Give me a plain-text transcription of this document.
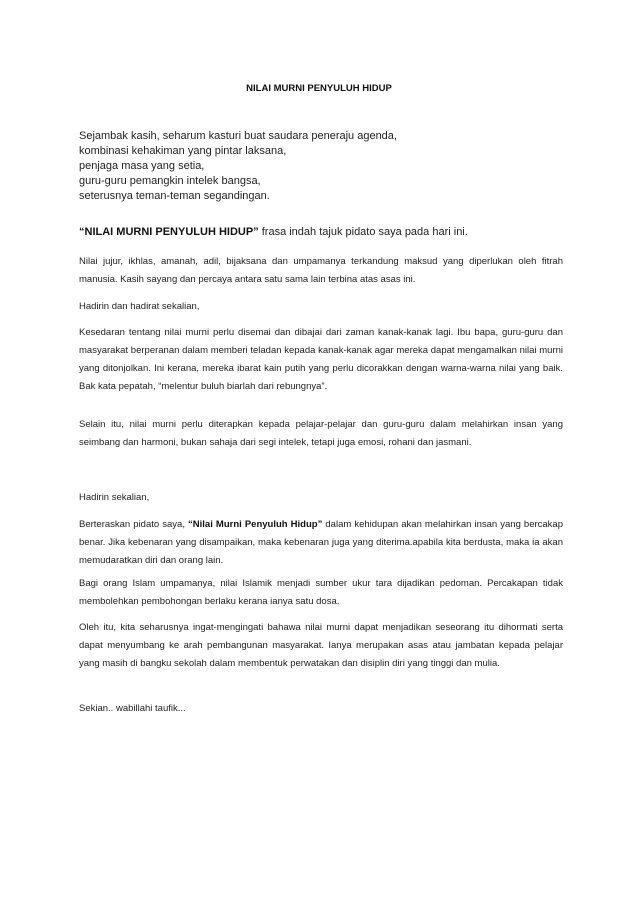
NILAI MURNI PENYULUH HIDUP
Sejambak kasih, seharum kasturi buat saudara peneraju agenda,
kombinasi kehakiman yang pintar laksana,
penjaga masa yang setia,
guru-guru pemangkin intelek bangsa,
seterusnya teman-teman segandingan.
“NILAI MURNI PENYULUH HIDUP” frasa indah tajuk pidato saya pada hari ini.
Nilai jujur, ikhlas, amanah, adil, bijaksana dan umpamanya terkandung maksud yang diperlukan oleh fitrah manusia. Kasih sayang dan percaya antara satu sama lain terbina atas asas ini.
Hadirin dan hadirat sekalian,
Kesedaran tentang nilai murni perlu disemai dan dibajai dari zaman kanak-kanak lagi. Ibu bapa, guru-guru dan masyarakat berperanan dalam memberi teladan kepada kanak-kanak agar mereka dapat mengamalkan nilai murni yang ditonjolkan. Ini kerana, mereka ibarat kain putih yang perlu dicorakkan dengan warna-warna nilai yang baik. Bak kata pepatah, “melentur buluh biarlah dari rebungnya”.
Selain itu, nilai murni perlu diterapkan kepada pelajar-pelajar dan guru-guru dalam melahirkan insan yang seimbang dan harmoni, bukan sahaja dari segi intelek, tetapi juga emosi, rohani dan jasmani.
Hadirin sekalian,
Berteraskan pidato saya, “Nilai Murni Penyuluh Hidup” dalam kehidupan akan melahirkan insan yang bercakap benar. Jika kebenaran yang disampaikan, maka kebenaran juga yang diterima.apabila kita berdusta, maka ia akan memudaratkan diri dan orang lain.
Bagi orang Islam umpamanya, nilai Islamik menjadi sumber ukur tara dijadikan pedoman. Percakapan tidak membolehkan pembohongan berlaku kerana ianya satu dosa.
Oleh itu, kita seharusnya ingat-mengingati bahawa nilai murni dapat menjadikan seseorang itu dihormati serta dapat menyumbang ke arah pembangunan masyarakat. Ianya merupakan asas atau jambatan kepada pelajar yang masih di bangku sekolah dalam membentuk perwatakan dan disiplin diri yang tinggi dan mulia.
Sekian.. wabillahi taufik...
